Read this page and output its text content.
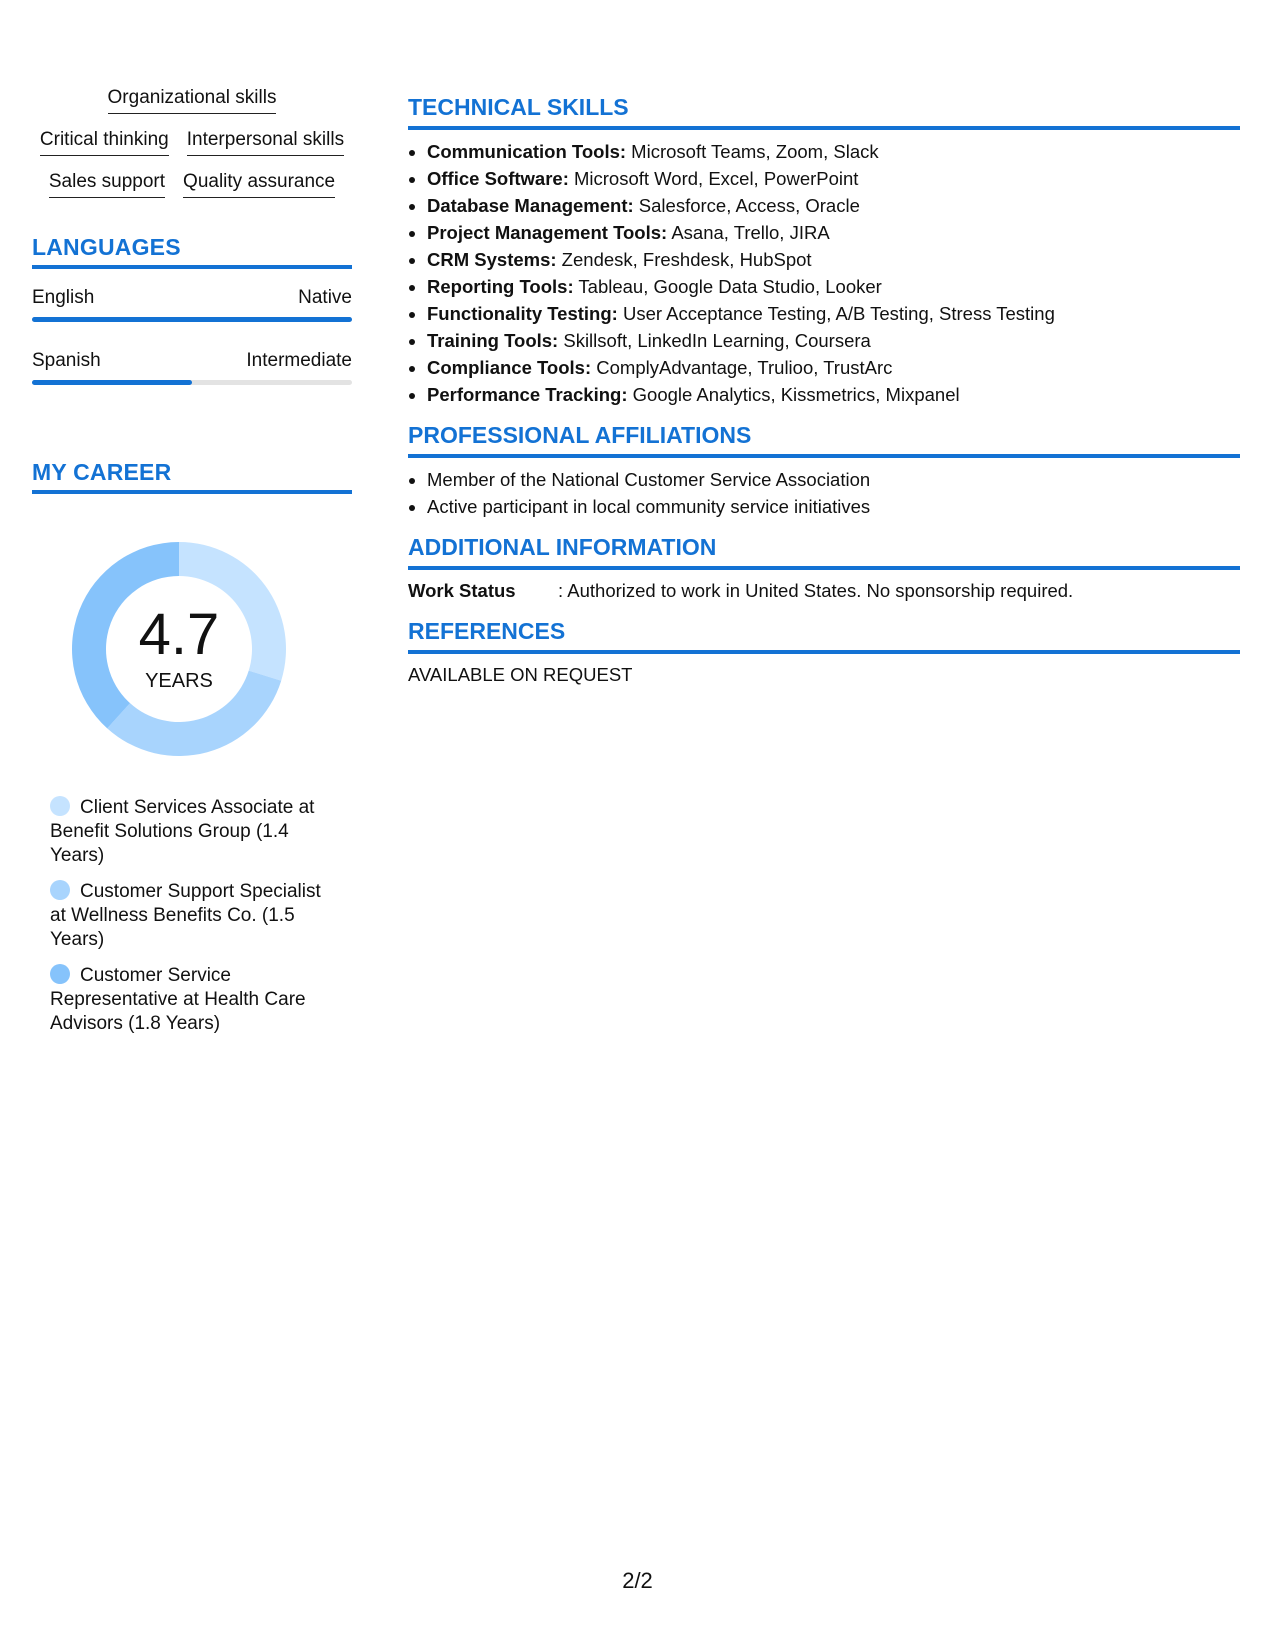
Organizational skills
Critical thinking Interpersonal skills
Sales support Quality assurance
LANGUAGES
English	Native
Spanish	Intermediate
MY CAREER
4.7
YEARS
Client Services Associate at Benefit Solutions Group (1.4 Years)
Customer Support Specialist at Wellness Benefits Co. (1.5 Years)
Customer Service Representative at Health Care Advisors (1.8 Years)
TECHNICAL SKILLS
• Communication Tools: Microsoft Teams, Zoom, Slack
• Office Software: Microsoft Word, Excel, PowerPoint
• Database Management: Salesforce, Access, Oracle
• Project Management Tools: Asana, Trello, JIRA
• CRM Systems: Zendesk, Freshdesk, HubSpot
• Reporting Tools: Tableau, Google Data Studio, Looker
• Functionality Testing: User Acceptance Testing, A/B Testing, Stress Testing
• Training Tools: Skillsoft, LinkedIn Learning, Coursera
• Compliance Tools: ComplyAdvantage, Trulioo, TrustArc
• Performance Tracking: Google Analytics, Kissmetrics, Mixpanel
PROFESSIONAL AFFILIATIONS
• Member of the National Customer Service Association
• Active participant in local community service initiatives
ADDITIONAL INFORMATION
Work Status	: Authorized to work in United States. No sponsorship required.
REFERENCES
AVAILABLE ON REQUEST
2/2
